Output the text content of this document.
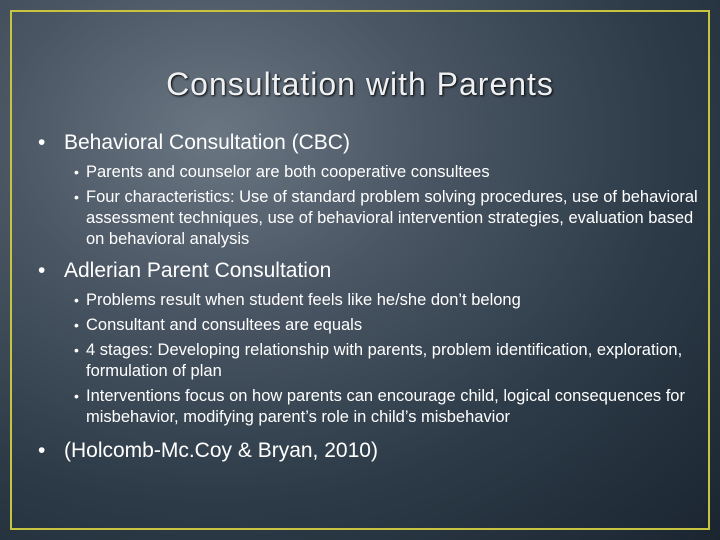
Consultation with Parents
• Behavioral Consultation (CBC)
• Parents and counselor are both cooperative consultees
• Four characteristics: Use of standard problem solving procedures, use of behavioral assessment techniques, use of behavioral intervention strategies, evaluation based on behavioral analysis
• Adlerian Parent Consultation
• Problems result when student feels like he/she don’t belong
• Consultant and consultees are equals
• 4 stages: Developing relationship with parents, problem identification, exploration, formulation of plan
• Interventions focus on how parents can encourage child, logical consequences for misbehavior, modifying parent’s role in child’s misbehavior
• (Holcomb-Mc.Coy & Bryan, 2010)
